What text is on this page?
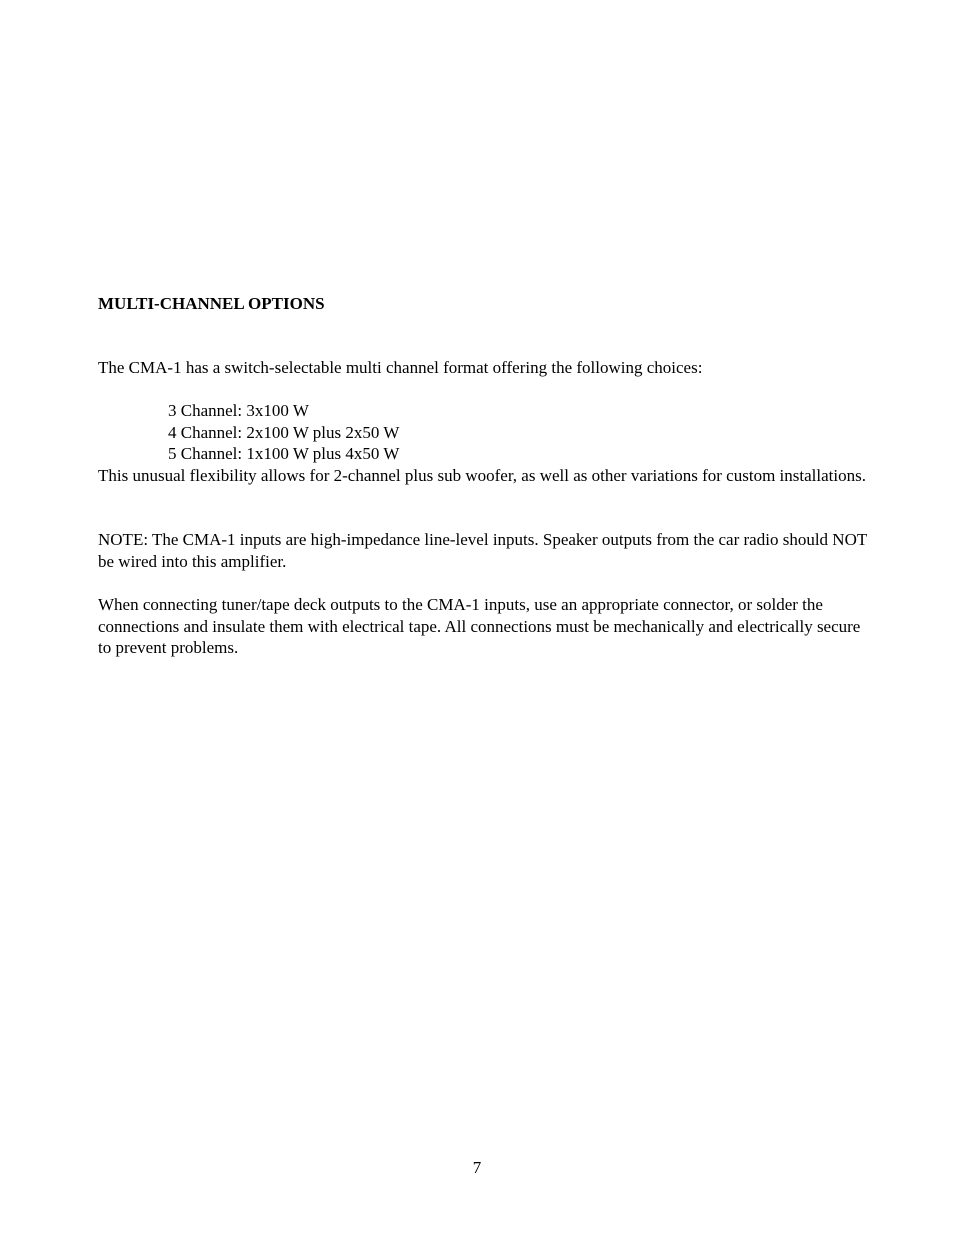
MULTI-CHANNEL OPTIONS

The CMA-1 has a switch-selectable multi channel format offering the following choices:

3 Channel: 3x100 W
4 Channel: 2x100 W plus 2x50 W
5 Channel: 1x100 W plus 4x50 W

This unusual flexibility allows for 2-channel plus sub woofer, as well as other variations for custom installations.

NOTE: The CMA-1 inputs are high-impedance line-level inputs. Speaker outputs from the car radio should NOT be wired into this amplifier.

When connecting tuner/tape deck outputs to the CMA-1 inputs, use an appropriate connector, or solder the connections and insulate them with electrical tape. All connections must be mechanically and electrically secure to prevent problems.

7
